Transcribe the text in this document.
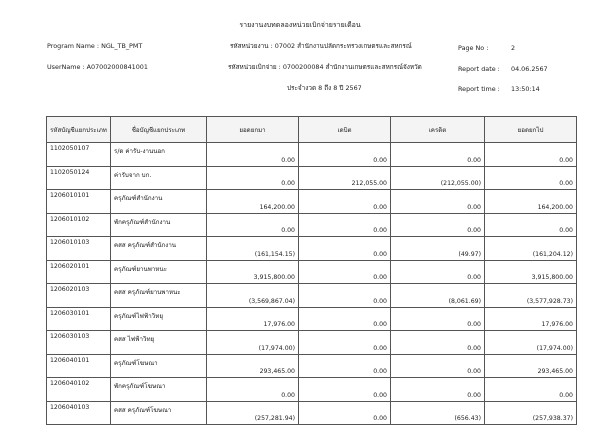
รายงานงบทดลองหน่วยเบิกจ่ายรายเดือน
Program Name : NGL_TB_PMT
UserName : A07002000841001
รหัสหน่วยงาน : 07002 สำนักงานปลัดกระทรวงเกษตรและสหกรณ์
รหัสหน่วยเบิกจ่าย : 0700200084 สำนักงานเกษตรและสหกรณ์จังหวัด
ประจำงวด 8 ถึง 8 ปี 2567
Page No :	2
Report date : 04.06.2567
Report time : 13:50:14
รหัสบัญชีแยกประเภท	ชื่อบัญชีแยกประเภท	ยอดยกมา	เดบิต	เครดิต	ยอดยกไป
1102050107	ร/ด ค่ารับ-งานนอก	0.00	0.00	0.00	0.00
1102050124	ค่ารับจาก บก.	0.00	212,055.00	(212,055.00)	0.00
1206010101	ครุภัณฑ์สำนักงาน	164,200.00	0.00	0.00	164,200.00
1206010102	พักครุภัณฑ์สำนักงาน	0.00	0.00	0.00	0.00
1206010103	คสส ครุภัณฑ์สำนักงาน	(161,154.15)	0.00	(49.97)	(161,204.12)
1206020101	ครุภัณฑ์ยานพาหนะ	3,915,800.00	0.00	0.00	3,915,800.00
1206020103	คสส ครุภัณฑ์ยานพาหนะ	(3,569,867.04)	0.00	(8,061.69)	(3,577,928.73)
1206030101	ครุภัณฑ์ไฟฟ้าวิทยุ	17,976.00	0.00	0.00	17,976.00
1206030103	คสส ไฟฟ้าวิทยุ	(17,974.00)	0.00	0.00	(17,974.00)
1206040101	ครุภัณฑ์โฆษณา	293,465.00	0.00	0.00	293,465.00
1206040102	พักครุภัณฑ์โฆษณา	0.00	0.00	0.00	0.00
1206040103	คสส ครุภัณฑ์โฆษณา	(257,281.94)	0.00	(656.43)	(257,938.37)
